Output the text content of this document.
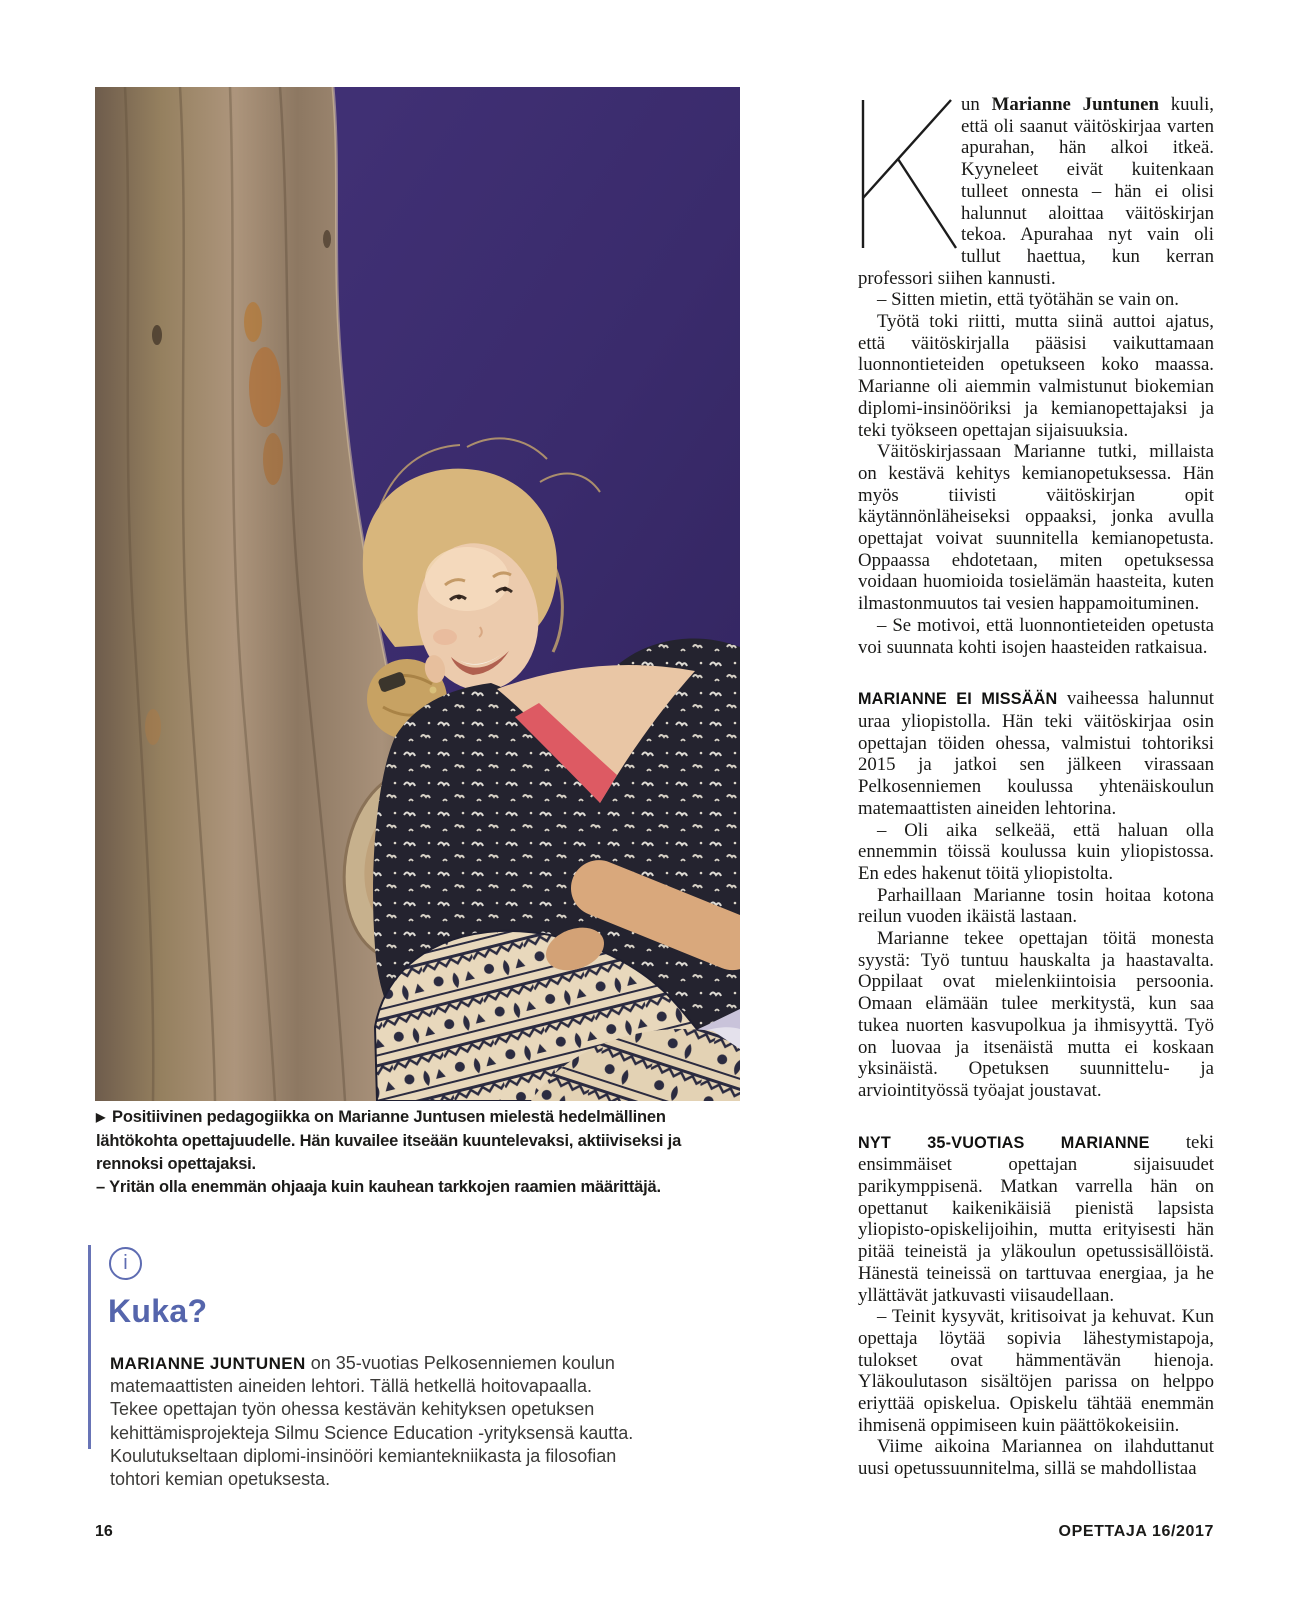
▶ Positiivinen pedagogiikka on Marianne Juntusen mielestä hedelmällinen lähtökohta opettajuudelle. Hän kuvailee itseään kuuntelevaksi, aktiiviseksi ja rennoksi opettajaksi.
– Yritän olla enemmän ohjaaja kuin kauhean tarkkojen raamien määrittäjä.
i
Kuka?

MARIANNE JUNTUNEN on 35-vuotias Pelkosenniemen koulun matemaattisten aineiden lehtori. Tällä hetkellä hoitovapaalla.

Tekee opettajan työn ohessa kestävän kehityksen opetuksen kehittämisprojekteja Silmu Science Education -yrityksensä kautta. Koulutukseltaan diplomi-insinööri kemiantekniikasta ja filosofian tohtori kemian opetuksesta.

un Marianne Juntunen kuuli, että oli saanut väitöskirjaa varten apurahan, hän alkoi itkeä. Kyyneleet eivät kuitenkaan tulleet onnesta – hän ei olisi halunnut aloittaa väitöskirjan tekoa. Apurahaa nyt vain oli tullut haettua, kun kerran professori siihen kannusti.

– Sitten mietin, että työtähän se vain on.

Työtä toki riitti, mutta siinä auttoi ajatus, että väitöskirjalla pääsisi vaikuttamaan luonnontieteiden opetukseen koko maassa. Marianne oli aiemmin valmistunut biokemian diplomi-insinööriksi ja kemianopettajaksi ja teki työkseen opettajan sijaisuuksia.

Väitöskirjassaan Marianne tutki, millaista on kestävä kehitys kemianopetuksessa. Hän myös tiivisti väitöskirjan opit käytännönläheiseksi oppaaksi, jonka avulla opettajat voivat suunnitella kemianopetusta. Oppaassa ehdotetaan, miten opetuksessa voidaan huomioida tosielämän haasteita, kuten ilmastonmuutos tai vesien happamoituminen.

– Se motivoi, että luonnontieteiden opetusta voi suunnata kohti isojen haasteiden ratkaisua.

MARIANNE EI MISSÄÄN vaiheessa halunnut uraa yliopistolla. Hän teki väitöskirjaa osin opettajan töiden ohessa, valmistui tohtoriksi 2015 ja jatkoi sen jälkeen virassaan Pelkosenniemen koulussa yhtenäiskoulun matemaattisten aineiden lehtorina.

– Oli aika selkeää, että haluan olla ennemmin töissä koulussa kuin yliopistossa. En edes hakenut töitä yliopistolta.

Parhaillaan Marianne tosin hoitaa kotona reilun vuoden ikäistä lastaan.

Marianne tekee opettajan töitä monesta syystä: Työ tuntuu hauskalta ja haastavalta. Oppilaat ovat mielenkiintoisia persoonia. Omaan elämään tulee merkitystä, kun saa tukea nuorten kasvupolkua ja ihmisyyttä. Työ on luovaa ja itsenäistä mutta ei koskaan yksinäistä. Opetuksen suunnittelu- ja arviointityössä työajat joustavat.

NYT 35-VUOTIAS MARIANNE teki ensimmäiset opettajan sijaisuudet parikymppisenä. Matkan varrella hän on opettanut kaikenikäisiä pienistä lapsista yliopisto-opiskelijoihin, mutta erityisesti hän pitää teineistä ja yläkoulun opetussisällöistä. Hänestä teineissä on tarttuvaa energiaa, ja he yllättävät jatkuvasti viisaudellaan.

– Teinit kysyvät, kritisoivat ja kehuvat. Kun opettaja löytää sopivia lähestymistapoja, tulokset ovat hämmentävän hienoja. Yläkoulutason sisältöjen parissa on helppo eriyttää opiskelua. Opiskelu tähtää enemmän ihmisenä oppimiseen kuin päättökokeisiin.

Viime aikoina Mariannea on ilahduttanut uusi opetussuunnitelma, sillä se mahdollistaa

16	OPETTAJA 16/2017
